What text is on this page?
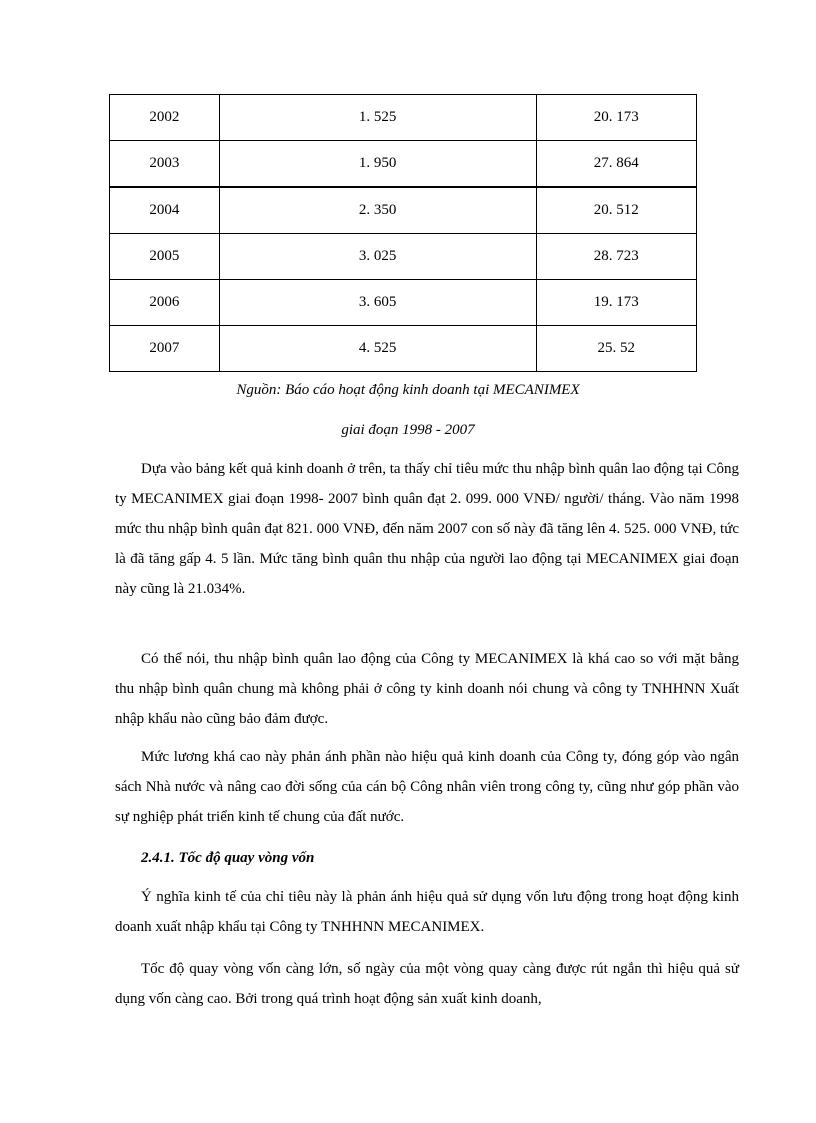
2002	1. 525	20. 173
2003	1. 950	27. 864
2004	2. 350	20. 512
2005	3. 025	28. 723
2006	3. 605	19. 173
2007	4. 525	25. 52
Nguồn: Báo cáo hoạt động kinh doanh tại MECANIMEX
giai đoạn 1998 - 2007

Dựa vào bảng kết quả kinh doanh ở trên, ta thấy chỉ tiêu mức thu nhập bình quân lao động tại Công ty MECANIMEX giai đoạn 1998- 2007 bình quân đạt 2. 099. 000 VNĐ/ người/ tháng. Vào năm 1998 mức thu nhập bình quân đạt 821. 000 VNĐ, đến năm 2007 con số này đã tăng lên 4. 525. 000 VNĐ, tức là đã tăng gấp 4. 5 lần. Mức tăng bình quân thu nhập của người lao động tại MECANIMEX giai đoạn này cũng là 21.034%.

Có thể nói, thu nhập bình quân lao động của Công ty MECANIMEX là khá cao so với mặt bằng thu nhập bình quân chung mà không phải ở công ty kinh doanh nói chung và công ty TNHHNN Xuất nhập khẩu nào cũng bảo đảm được.

Mức lương khá cao này phản ánh phần nào hiệu quả kinh doanh của Công ty, đóng góp vào ngân sách Nhà nước và nâng cao đời sống của cán bộ Công nhân viên trong công ty, cũng như góp phần vào sự nghiệp phát triển kinh tế chung của đất nước.

2.4.1. Tốc độ quay vòng vốn

Ý nghĩa kinh tế của chỉ tiêu này là phản ánh hiệu quả sử dụng vốn lưu động trong hoạt động kinh doanh xuất nhập khẩu tại Công ty TNHHNN MECANIMEX.

Tốc độ quay vòng vốn càng lớn, số ngày của một vòng quay càng được rút ngắn thì hiệu quả sử dụng vốn càng cao. Bởi trong quá trình hoạt động sản xuất kinh doanh,
